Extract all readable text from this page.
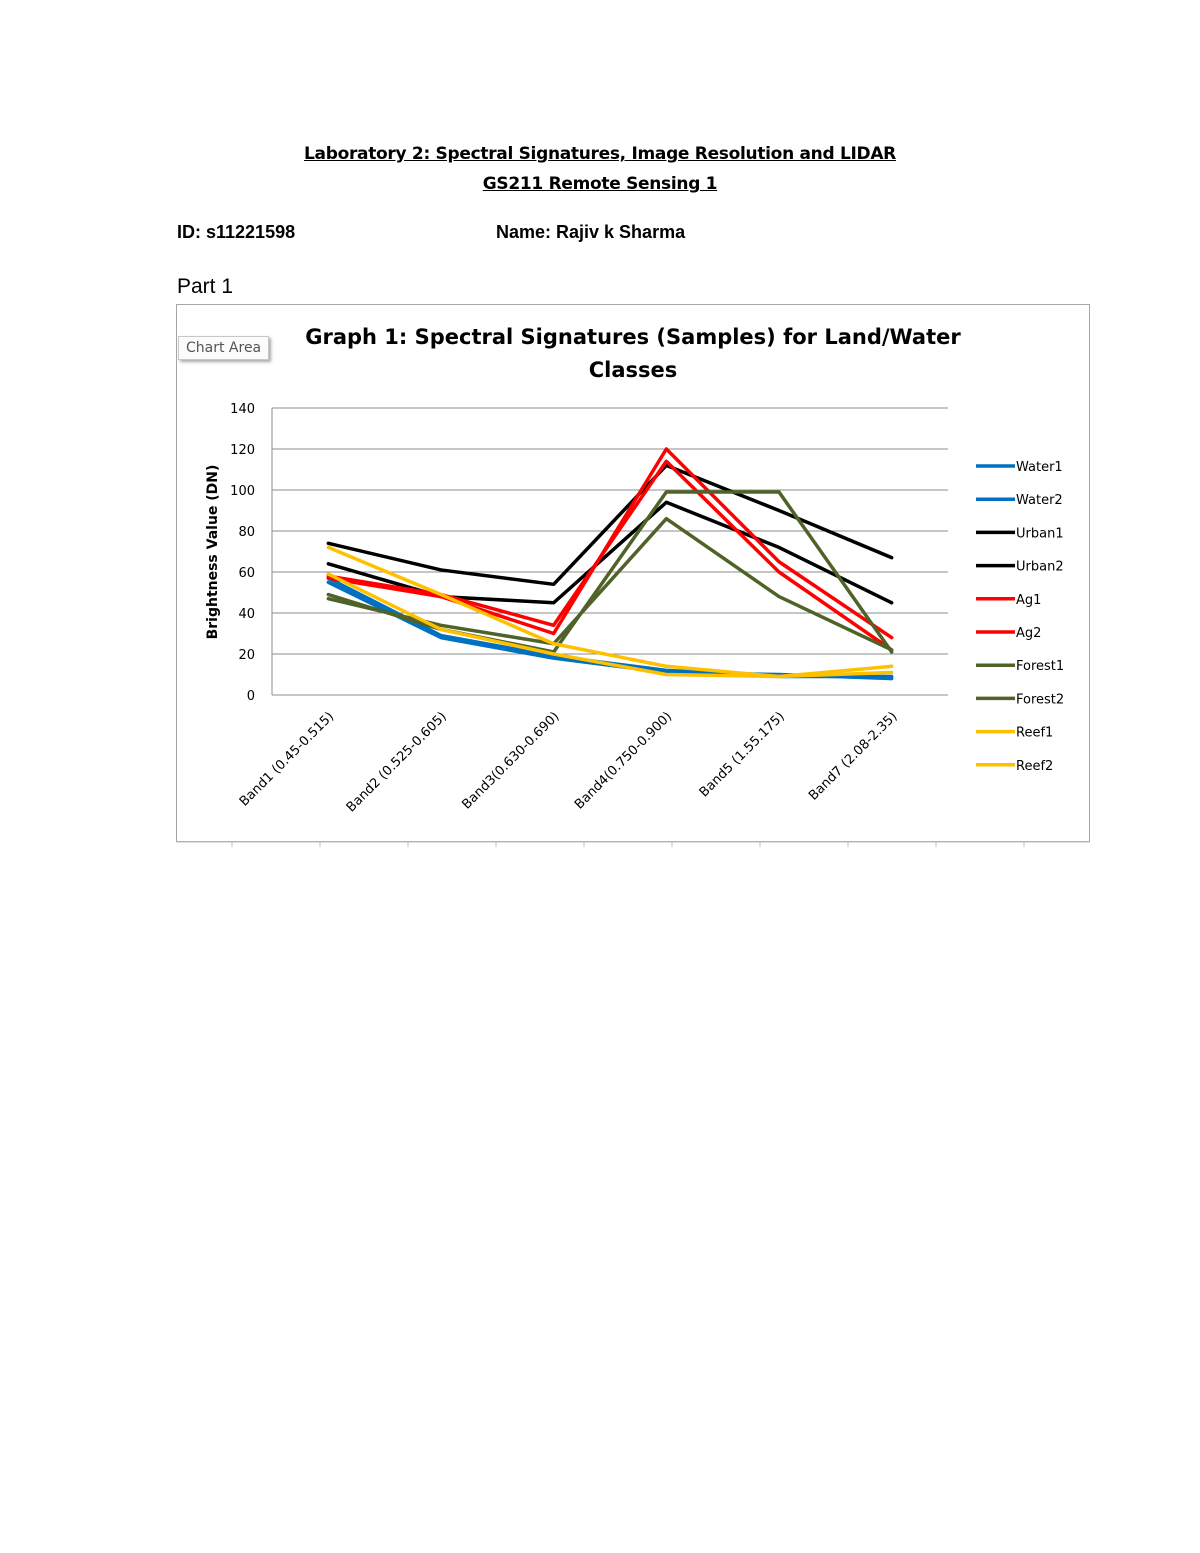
Laboratory 2: Spectral Signatures, Image Resolution and LIDAR
GS211 Remote Sensing 1
ID: s11221598	Name: Rajiv k Sharma
Part 1
Graph 1: Spectral Signatures (Samples) for Land/Water
Classes
Brightness Value (DN)
0
20
40
60
80
100
120
140
Band1 (0.45-0.515) Band2 (0.525-0.605) Band3(0.630-0.690) Band4(0.750-0.900) Band5 (1.55.175) Band7 (2.08-2.35)
Water1
Water2
Urban1
Urban2
Ag1
Ag2
Forest1
Forest2
Reef1
Reef2
Chart Area
